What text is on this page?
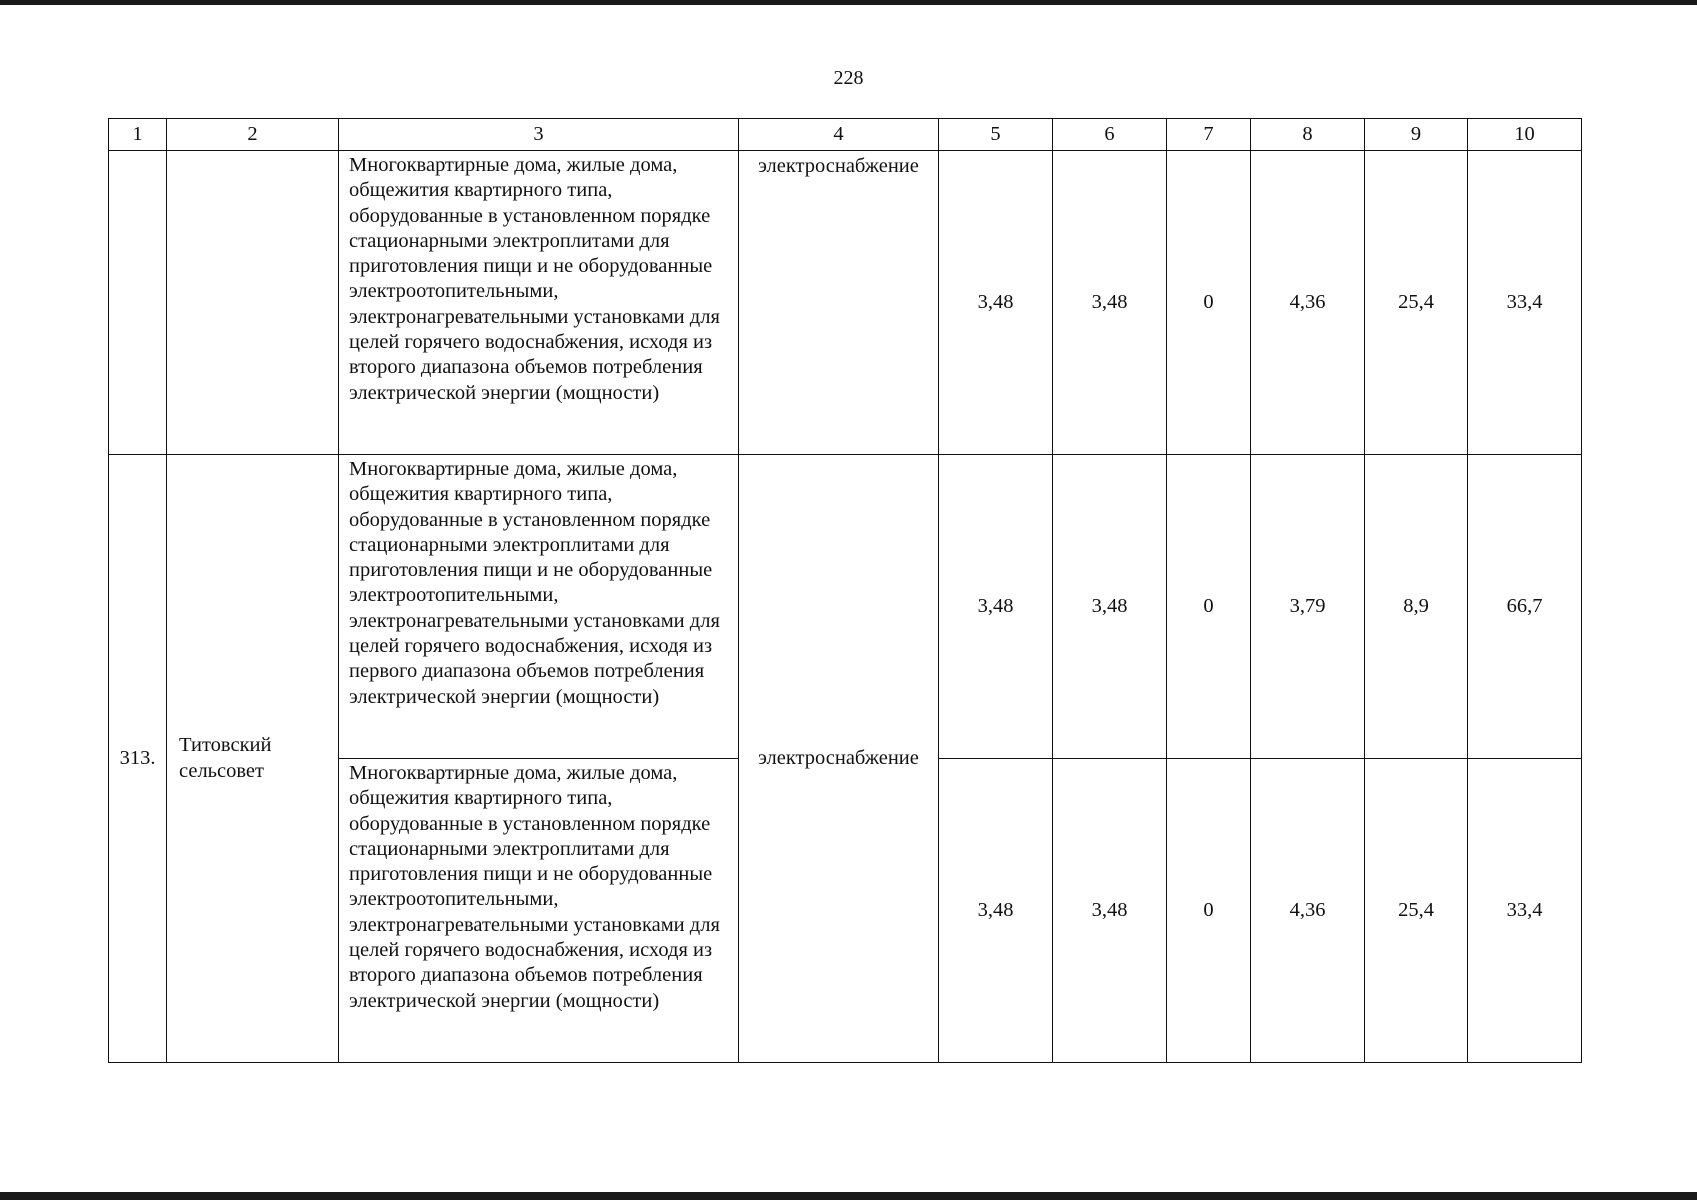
228
1	2	3	4	5	6	7	8	9	10
		Многоквартирные дома, жилые дома, общежития квартирного типа, оборудованные в установленном порядке стационарными электроплитами для приготовления пищи и не оборудованные электроотопительными, электронагревательными установками для целей горячего водоснабжения, исходя из второго диапазона объемов потребления электрической энергии (мощности)	электроснабжение	3,48	3,48	0	4,36	25,4	33,4
313.	Титовский сельсовет	Многоквартирные дома, жилые дома, общежития квартирного типа, оборудованные в установленном порядке стационарными электроплитами для приготовления пищи и не оборудованные электроотопительными, электронагревательными установками для целей горячего водоснабжения, исходя из первого диапазона объемов потребления электрической энергии (мощности)	электроснабжение	3,48	3,48	0	3,79	8,9	66,7
		Многоквартирные дома, жилые дома, общежития квартирного типа, оборудованные в установленном порядке стационарными электроплитами для приготовления пищи и не оборудованные электроотопительными, электронагревательными установками для целей горячего водоснабжения, исходя из второго диапазона объемов потребления электрической энергии (мощности)		3,48	3,48	0	4,36	25,4	33,4
